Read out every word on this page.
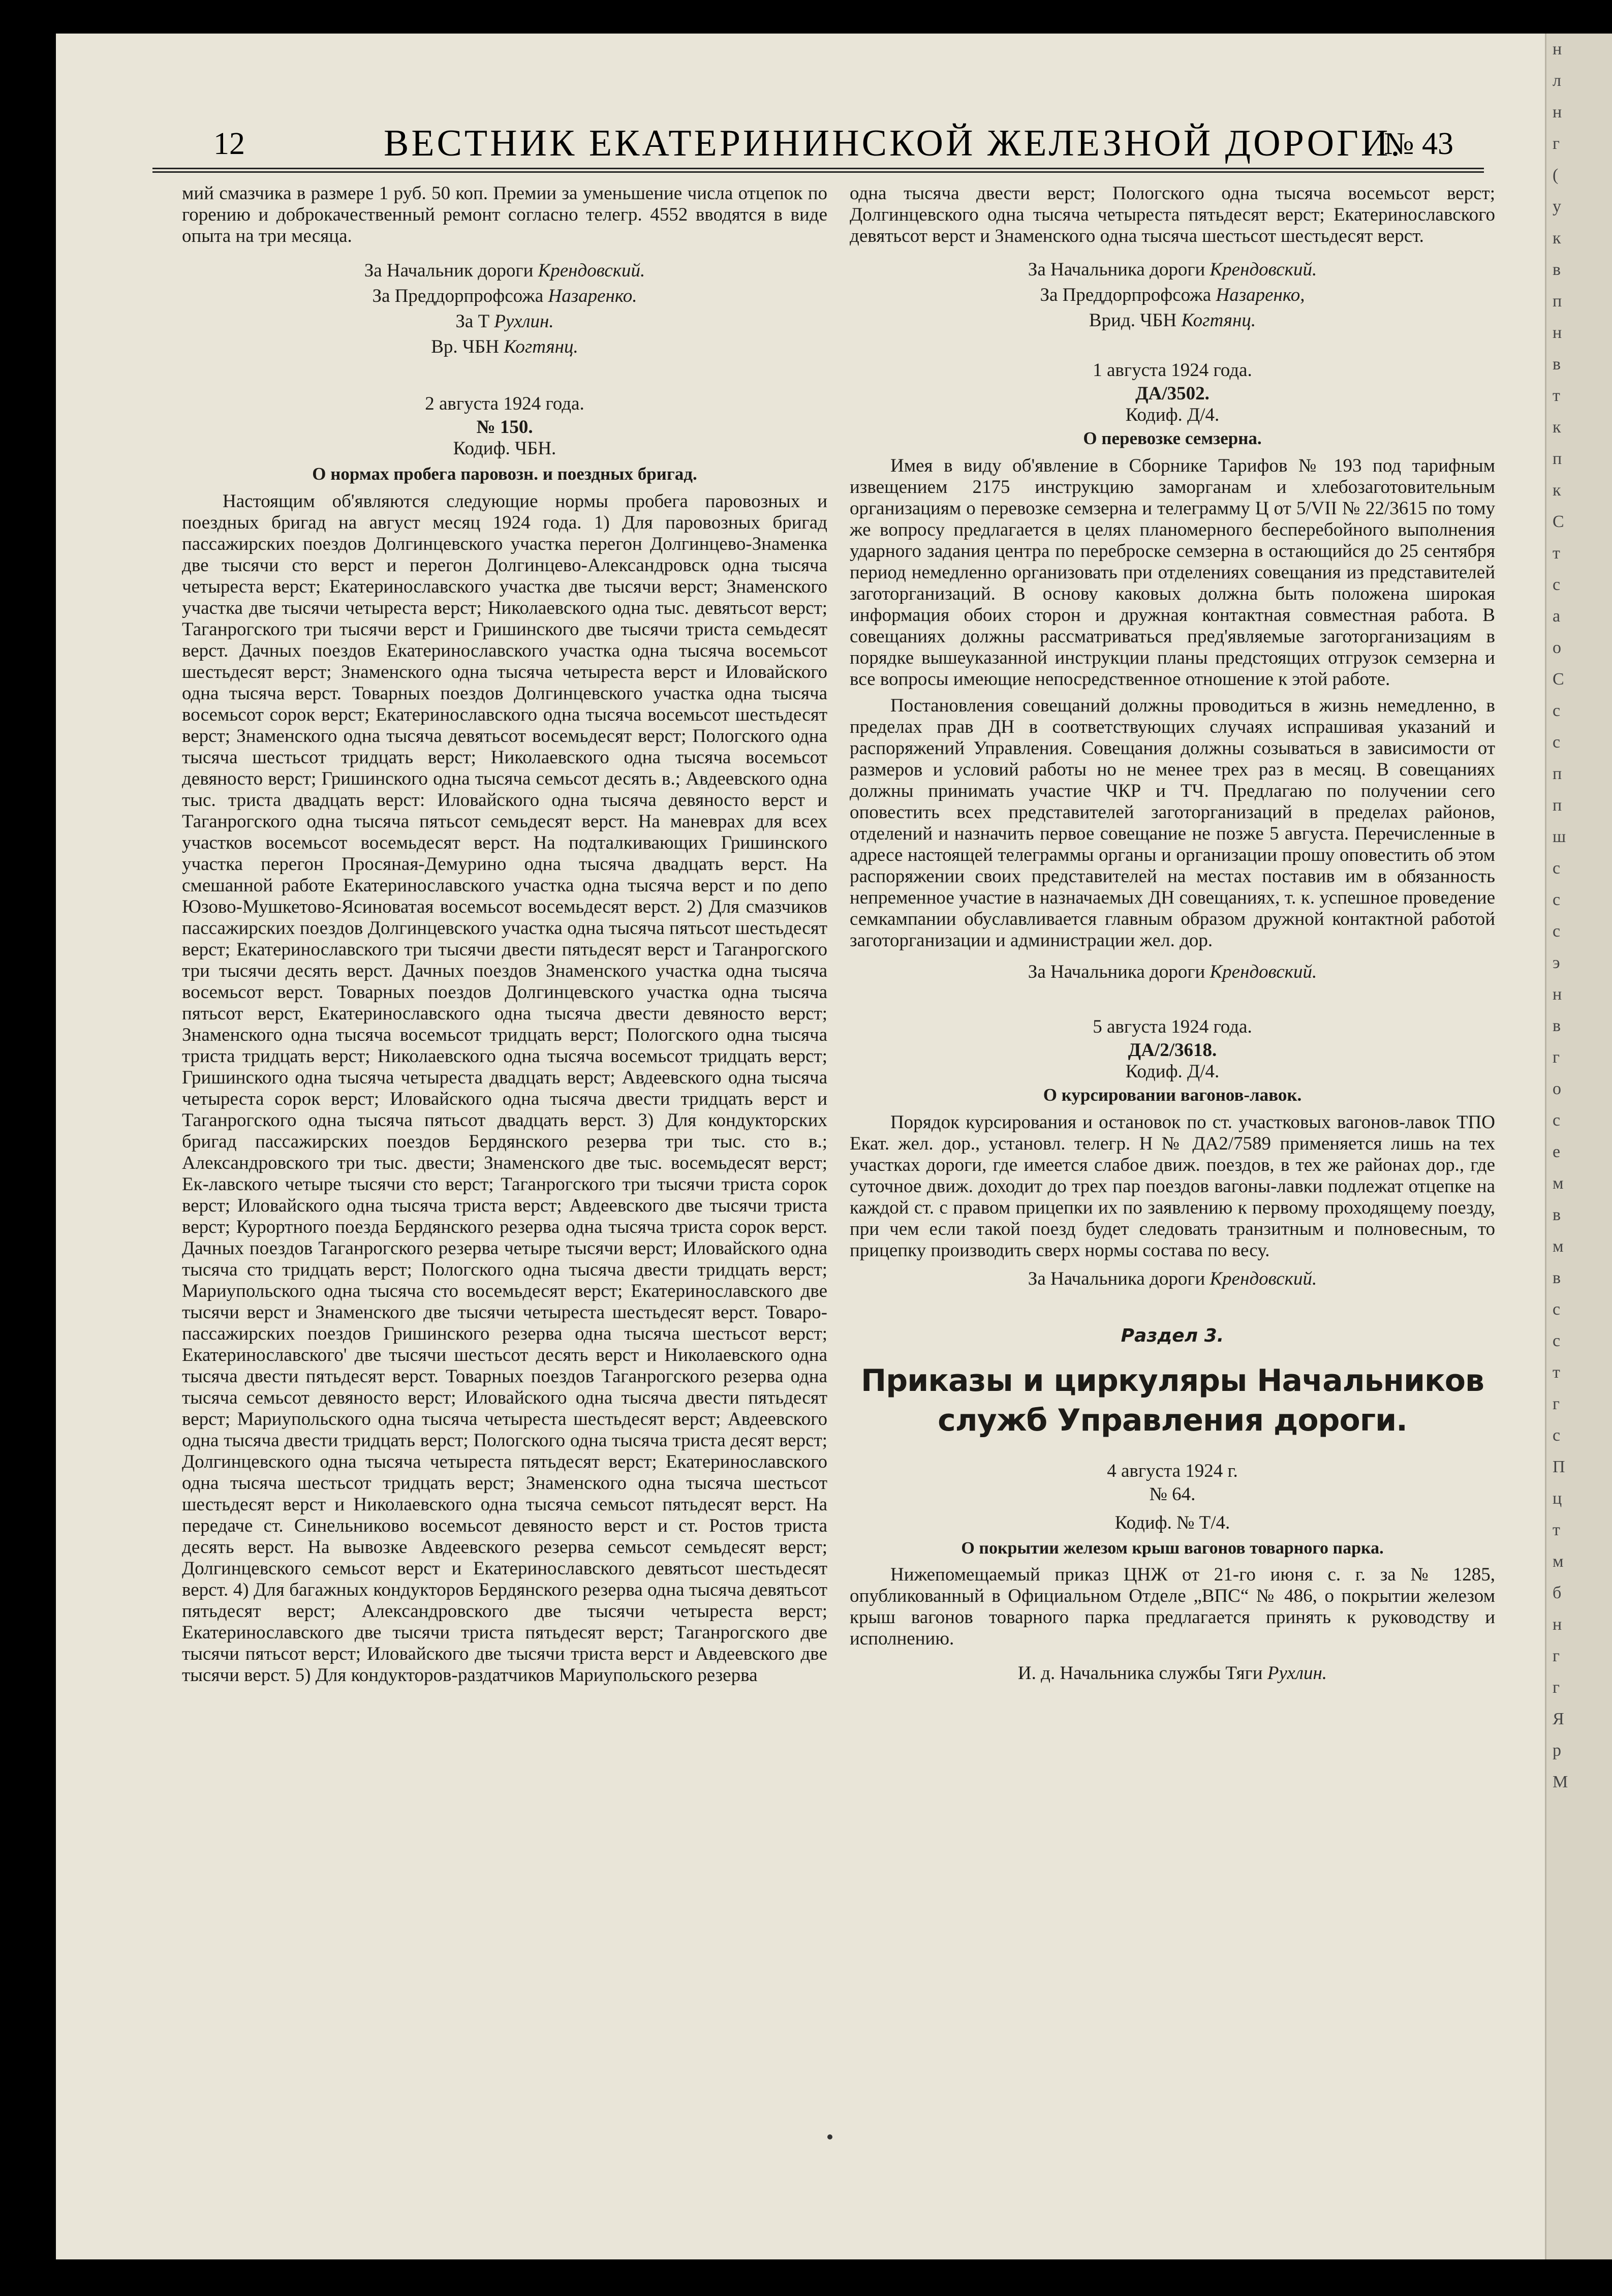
н
л
н
г
(
у
к
в
п
н
в
т
к
п
к
С
т
с
а
о
С
с
с
п
п
ш
с
с
с
э
н
в
г
о
с
е
м
в
м
в
с
с
т
г
с
П
ц
т
м
б
н
г
г
Я
р
М
12	ВЕСТНИК ЕКАТЕРИНИНСКОЙ ЖЕЛЕЗНОЙ ДОРОГИ.
№ 43

мий смазчика в размере 1 руб. 50 коп. Премии за уменьшение числа отцепок по горению и доброкачественный ремонт согласно телегр. 4552 вводятся в виде опыта на три месяца.

За Начальник дороги Крендовский.
За Преддорпрофсожа Назаренко.
За Т Рухлин.
Вр. ЧБН Когтянц.
2 августа 1924 года.
№ 150.
Кодиф. ЧБН.
О нормах пробега паровозн. и поездных бригад.

Настоящим об'являются следующие нормы пробега паровозных и поездных бригад на август месяц 1924 года. 1) Для паровозных бригад пассажирских поездов Долгинцевского участка перегон Долгинцево-Знаменка две тысячи сто верст и перегон Долгинцево-Александровск одна тысяча четыреста верст; Екатеринославского участка две тысячи верст; Знаменского участка две тысячи четыреста верст; Николаевского одна тыс. девятьсот верст; Таганрогского три тысячи верст и Гришинского две тысячи триста семьдесят верст. Дачных поездов Екатеринославского участка одна тысяча восемьсот шестьдесят верст; Знаменского одна тысяча четыреста верст и Иловайского одна тысяча верст. Товарных поездов Долгинцевского участка одна тысяча восемьсот сорок верст; Екатеринославского одна тысяча восемьсот шестьдесят верст; Знаменского одна тысяча девятьсот восемьдесят верст; Пологского одна тысяча шестьсот тридцать верст; Николаевского одна тысяча восемьсот девяносто верст; Гришинского одна тысяча семьсот десять в.; Авдеевского одна тыс. триста двадцать верст: Иловайского одна тысяча девяносто верст и Таганрогского одна тысяча пятьсот семьдесят верст. На маневрах для всех участков восемьсот восемьдесят верст. На подталкивающих Гришинского участка перегон Просяная-Демурино одна тысяча двадцать верст. На смешанной работе Екатеринославского участка одна тысяча верст и по депо Юзово-Мушкетово-Ясиноватая восемьсот восемьдесят верст. 2) Для смазчиков пассажирских поездов Долгинцевского участка одна тысяча пятьсот шестьдесят верст; Екатеринославского три тысячи двести пятьдесят верст и Таганрогского три тысячи десять верст. Дачных поездов Знаменского участка одна тысяча восемьсот верст. Товарных поездов Долгинцевского участка одна тысяча пятьсот верст, Екатеринославского одна тысяча двести девяносто верст; Знаменского одна тысяча восемьсот тридцать верст; Пологского одна тысяча триста тридцать верст; Николаевского одна тысяча восемьсот тридцать верст; Гришинского одна тысяча четыреста двадцать верст; Авдеевского одна тысяча четыреста сорок верст; Иловайского одна тысяча двести тридцать верст и Таганрогского одна тысяча пятьсот двадцать верст. 3) Для кондукторских бригад пассажирских поездов Бердянского резерва три тыс. сто в.; Александровского три тыс. двести; Знаменского две тыс. восемьдесят верст; Ек-лавского четыре тысячи сто верст; Таганрогского три тысячи триста сорок верст; Иловайского одна тысяча триста верст; Авдеевского две тысячи триста верст; Курортного поезда Бердянского резерва одна тысяча триста сорок верст. Дачных поездов Таганрогского резерва четыре тысячи верст; Иловайского одна тысяча сто тридцать верст; Пологского одна тысяча двести тридцать верст; Мариупольского одна тысяча сто восемьдесят верст; Екатеринославского две тысячи верст и Знаменского две тысячи четыреста шестьдесят верст. Товаро-пассажирских поездов Гришинского резерва одна тысяча шестьсот верст; Екатеринославского' две тысячи шестьсот десять верст и Николаевского одна тысяча двести пятьдесят верст. Товарных поездов Таганрогского резерва одна тысяча семьсот девяносто верст; Иловайского одна тысяча двести пятьдесят верст; Мариупольского одна тысяча четыреста шестьдесят верст; Авдеевского одна тысяча двести тридцать верст; Пологского одна тысяча триста десят верст; Долгинцевского одна тысяча четыреста пятьдесят верст; Екатеринославского одна тысяча шестьсот тридцать верст; Знаменского одна тысяча шестьсот шестьдесят верст и Николаевского одна тысяча семьсот пятьдесят верст. На передаче ст. Синельниково восемьсот девяносто верст и ст. Ростов триста десять верст. На вывозке Авдеевского резерва семьсот семьдесят верст; Долгинцевского семьсот верст и Екатеринославского девятьсот шестьдесят верст. 4) Для багажных кондукторов Бердянского резерва одна тысяча девятьсот пятьдесят верст; Александровского две тысячи четыреста верст; Екатеринославского две тысячи триста пятьдесят верст; Таганрогского две тысячи пятьсот верст; Иловайского две тысячи триста верст и Авдеевского две тысячи верст. 5) Для кондукторов-раздатчиков Мариупольского резерва

одна тысяча двести верст; Пологского одна тысяча восемьсот верст; Долгинцевского одна тысяча четыреста пятьдесят верст; Екатеринославского девятьсот верст и Знаменского одна тысяча шестьсот шестьдесят верст.

За Начальника дороги Крендовский.
За Преддорпрофсожа Назаренко,
Врид. ЧБН Когтянц.
1 августа 1924 года.
ДА/3502.
Кодиф. Д/4.
О перевозке семзерна.

Имея в виду об'явление в Сборнике Тарифов № 193 под тарифным извещением 2175 инструкцию заморганам и хлебозаготовительным организациям о перевозке семзерна и телеграмму Ц от 5/VII № 22/3615 по тому же вопросу предлагается в целях планомерного бесперебойного выполнения ударного задания центра по переброске семзерна в остающийся до 25 сентября период немедленно организовать при отделениях совещания из представителей заготорганизаций. В основу каковых должна быть положена широкая информация обоих сторон и дружная контактная совместная работа. В совещаниях должны рассматриваться пред'являемые заготорганизациям в порядке вышеуказанной инструкции планы предстоящих отгрузок семзерна и все вопросы имеющие непосредственное отношение к этой работе.

Постановления совещаний должны проводиться в жизнь немедленно, в пределах прав ДН в соответствующих случаях испрашивая указаний и распоряжений Управления. Совещания должны созываться в зависимости от размеров и условий работы но не менее трех раз в месяц. В совещаниях должны принимать участие ЧКР и ТЧ. Предлагаю по получении сего оповестить всех представителей заготорганизаций в пределах районов, отделений и назначить первое совещание не позже 5 августа. Перечисленные в адресе настоящей телеграммы органы и организации прошу оповестить об этом распоряжении своих представителей на местах поставив им в обязанность непременное участие в назначаемых ДН совещаниях, т. к. успешное проведение семкампании обуславливается главным образом дружной контактной работой заготорганизации и администрации жел. дор.

За Начальника дороги Крендовский.
5 августа 1924 года.
ДА/2/3618.
Кодиф. Д/4.
О курсировании вагонов-лавок.

Порядок курсирования и остановок по ст. участковых вагонов-лавок ТПО Екат. жел. дор., установл. телегр. Н № ДА2/7589 применяется лишь на тех участках дороги, где имеется слабое движ. поездов, в тех же районах дор., где суточное движ. доходит до трех пар поездов вагоны-лавки подлежат отцепке на каждой ст. с правом прицепки их по заявлению к первому проходящему поезду, при чем если такой поезд будет следовать транзитным и полновесным, то прицепку производить сверх нормы состава по весу.

За Начальника дороги Крендовский.
Раздел 3.
Приказы и циркуляры Начальников служб Управления дороги.
4 августа 1924 г.
№ 64.
Кодиф. № Т/4.
О покрытии железом крыш вагонов товарного парка.

Нижепомещаемый приказ ЦНЖ от 21-го июня с. г. за № 1285, опубликованный в Официальном Отделе „ВПС“ № 486, о покрытии железом крыш вагонов товарного парка предлагается принять к руководству и исполнению.

И. д. Начальника службы Тяги Рухлин.
